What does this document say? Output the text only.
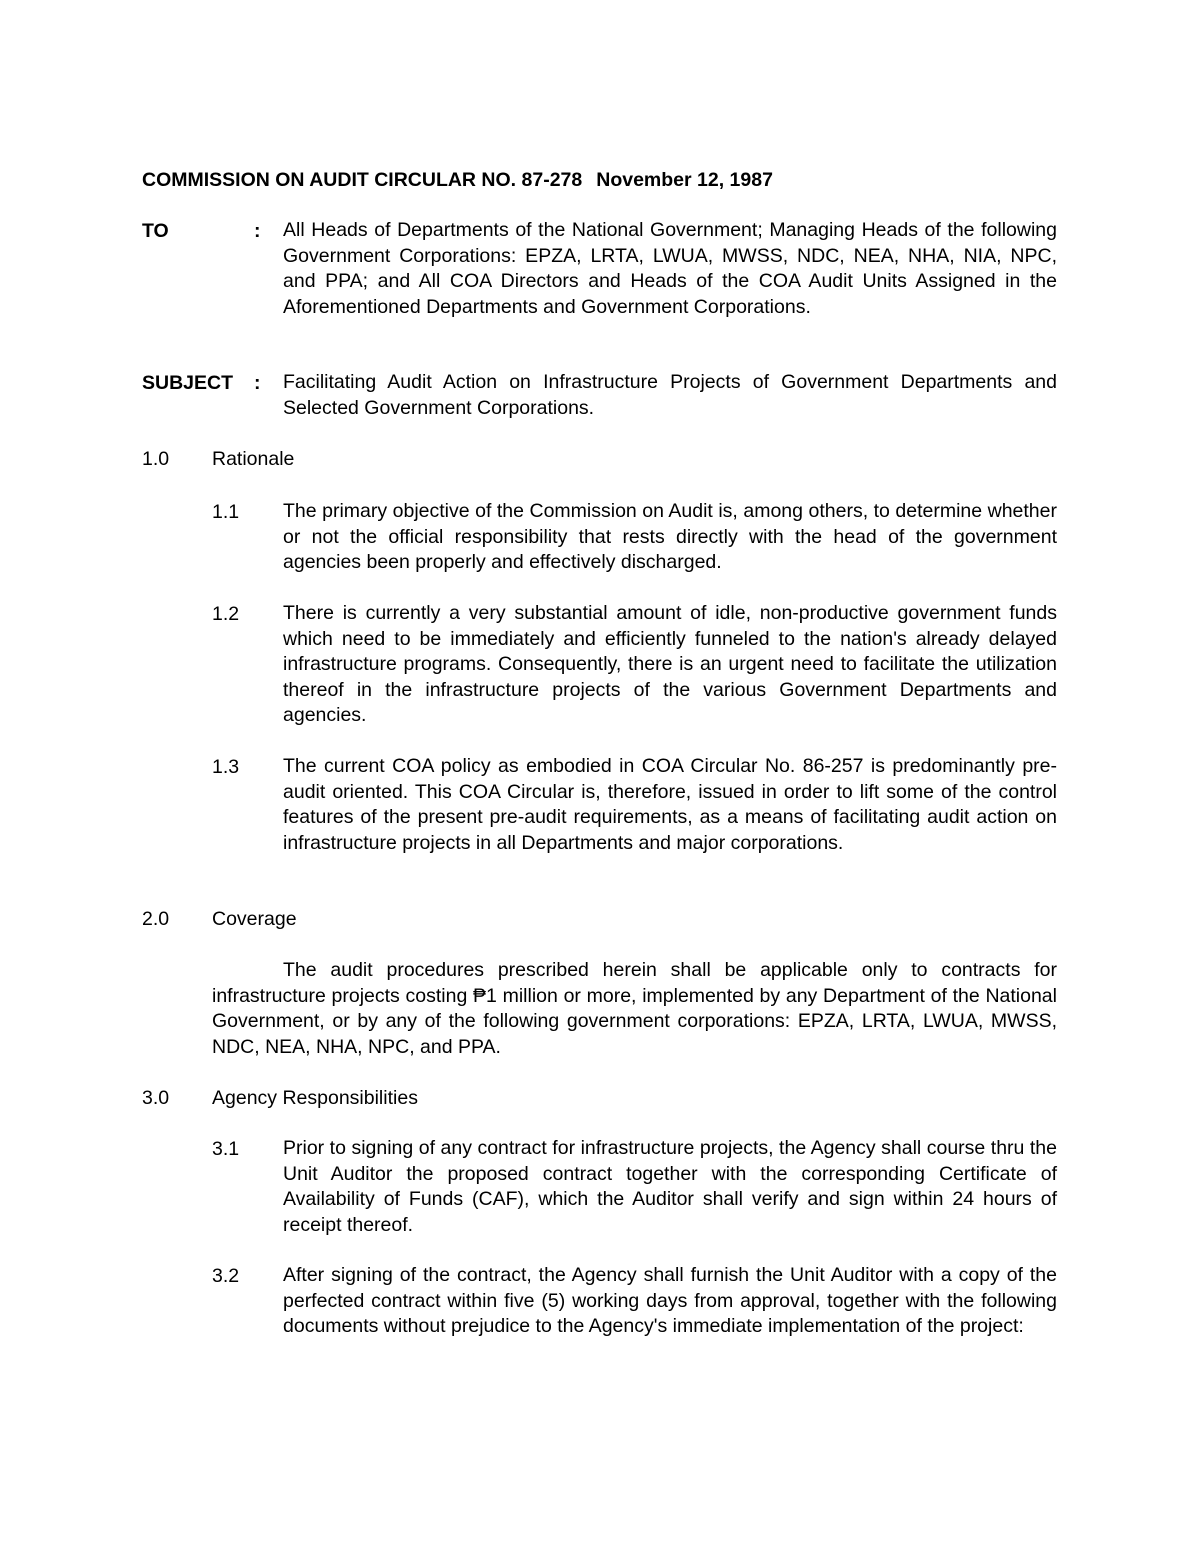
COMMISSION ON AUDIT CIRCULAR NO. 87-278 November 12, 1987
TO	: All Heads of Departments of the National Government; Managing Heads of the following Government Corporations: EPZA, LRTA, LWUA, MWSS, NDC, NEA, NHA, NIA, NPC, and PPA; and All COA Directors and Heads of the COA Audit Units Assigned in the Aforementioned Departments and Government Corporations.
SUBJECT : Facilitating Audit Action on Infrastructure Projects of Government Departments and Selected Government Corporations.
1.0 Rationale
1.1 The primary objective of the Commission on Audit is, among others, to determine whether or not the official responsibility that rests directly with the head of the government agencies been properly and effectively discharged.
1.2 There is currently a very substantial amount of idle, non-productive government funds which need to be immediately and efficiently funneled to the nation's already delayed infrastructure programs. Consequently, there is an urgent need to facilitate the utilization thereof in the infrastructure projects of the various Government Departments and agencies.
1.3 The current COA policy as embodied in COA Circular No. 86-257 is predominantly pre-audit oriented. This COA Circular is, therefore, issued in order to lift some of the control features of the present pre-audit requirements, as a means of facilitating audit action on infrastructure projects in all Departments and major corporations.
2.0 Coverage
The audit procedures prescribed herein shall be applicable only to contracts for infrastructure projects costing ₱1 million or more, implemented by any Department of the National Government, or by any of the following government corporations: EPZA, LRTA, LWUA, MWSS, NDC, NEA, NHA, NPC, and PPA.
3.0 Agency Responsibilities
3.1 Prior to signing of any contract for infrastructure projects, the Agency shall course thru the Unit Auditor the proposed contract together with the corresponding Certificate of Availability of Funds (CAF), which the Auditor shall verify and sign within 24 hours of receipt thereof.
3.2 After signing of the contract, the Agency shall furnish the Unit Auditor with a copy of the perfected contract within five (5) working days from approval, together with the following documents without prejudice to the Agency's immediate implementation of the project:
